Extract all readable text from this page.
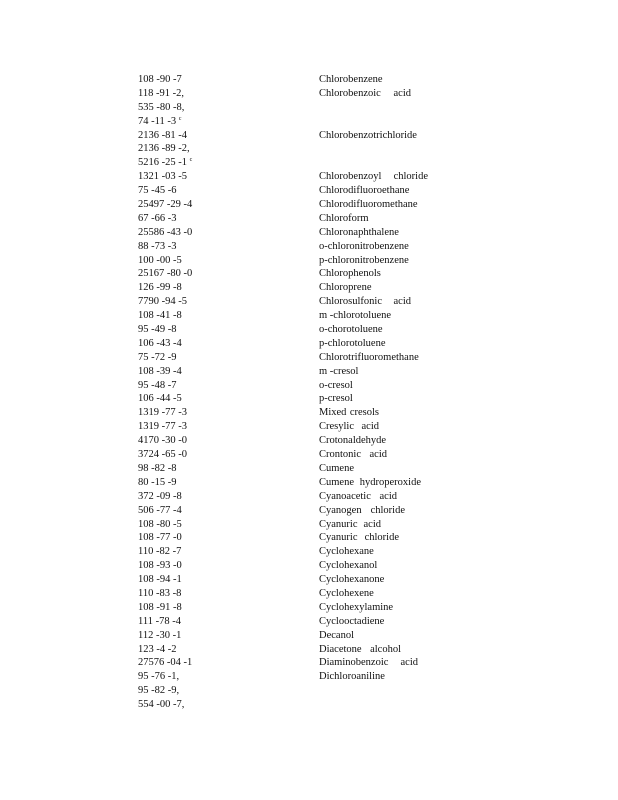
108 -90 -7	Chlorobenzene
118 -91 -2,	Chlorobenzoic acid
535 -80 -8,
74 -11 -3 $^c$
2136 -81 -4	Chlorobenzotrichloride
2136 -89 -2,
5216 -25 -1 $^c$
1321 -03 -5	Chlorobenzoyl chloride
75 -45 -6	Chlorodifluoroethane
25497 -29 -4	Chlorodifluoromethane
67 -66 -3	Chloroform
25586 -43 -0	Chloronaphthalene
88 -73 -3	o-chloronitrobenzene
100 -00 -5	p-chloronitrobenzene
25167 -80 -0	Chlorophenols
126 -99 -8	Chloroprene
7790 -94 -5	Chlorosulfonic acid
108 -41 -8	m -chlorotoluene
95 -49 -8	o-chorotoluene
106 -43 -4	p-chlorotoluene
75 -72 -9	Chlorotrifluoromethane
108 -39 -4	m -cresol
95 -48 -7	o-cresol
106 -44 -5	p-cresol
1319 -77 -3	Mixed cresols
1319 -77 -3	Cresylic acid
4170 -30 -0	Crotonaldehyde
3724 -65 -0	Crontonic acid
98 -82 -8	Cumene
80 -15 -9	Cumene hydroperoxide
372 -09 -8	Cyanoacetic acid
506 -77 -4	Cyanogen chloride
108 -80 -5	Cyanuric acid
108 -77 -0	Cyanuric chloride
110 -82 -7	Cyclohexane
108 -93 -0	Cyclohexanol
108 -94 -1	Cyclohexanone
110 -83 -8	Cyclohexene
108 -91 -8	Cyclohexylamine
111 -78 -4	Cyclooctadiene
112 -30 -1	Decanol
123 -4 -2	Diacetone alcohol
27576 -04 -1	Diaminobenzoic acid
95 -76 -1,	Dichloroaniline
95 -82 -9,
554 -00 -7,
